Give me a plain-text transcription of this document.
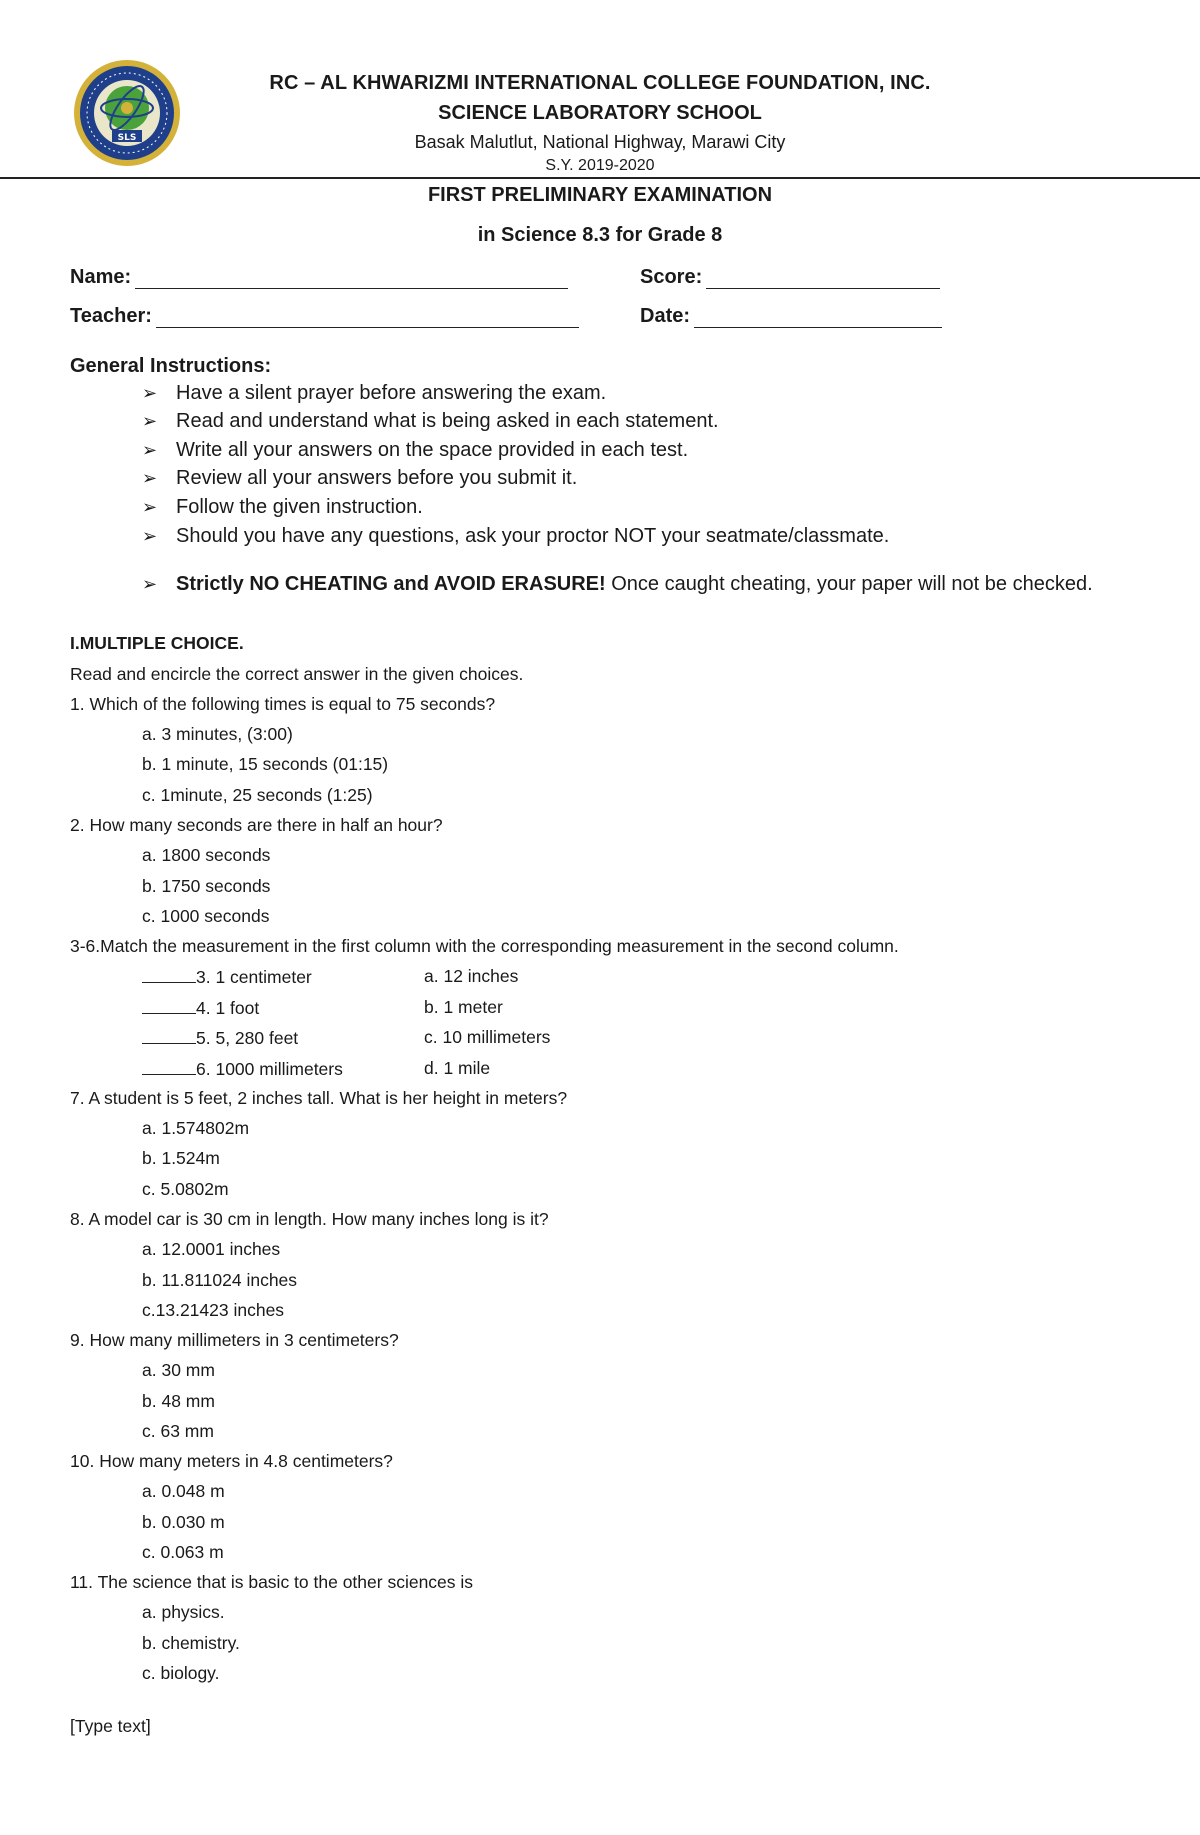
SLS
RC – AL KHWARIZMI INTERNATIONAL COLLEGE FOUNDATION, INC.
SCIENCE LABORATORY SCHOOL
Basak Malutlut, National Highway, Marawi City
S.Y. 2019-2020
FIRST PRELIMINARY EXAMINATION
in Science 8.3 for Grade 8
Name:	Score:
Teacher:	Date:
General Instructions:
➢ Have a silent prayer before answering the exam.
➢ Read and understand what is being asked in each statement.
➢ Write all your answers on the space provided in each test.
➢ Review all your answers before you submit it.
➢ Follow the given instruction.
➢ Should you have any questions, ask your proctor NOT your seatmate/classmate.
➢ Strictly NO CHEATING and AVOID ERASURE! Once caught cheating, your paper will not be checked.
I.MULTIPLE CHOICE.
Read and encircle the correct answer in the given choices.
1. Which of the following times is equal to 75 seconds?
a. 3 minutes, (3:00)
b. 1 minute, 15 seconds (01:15)
c. 1minute, 25 seconds (1:25)
2. How many seconds are there in half an hour?
a. 1800 seconds
b. 1750 seconds
c. 1000 seconds
3-6.Match the measurement in the first column with the corresponding measurement in the second column.
3. 1 centimeter	a. 12 inches
4. 1 foot	b. 1 meter
5. 5, 280 feet	c. 10 millimeters
6. 1000 millimeters	d. 1 mile
7. A student is 5 feet, 2 inches tall. What is her height in meters?
a. 1.574802m
b. 1.524m
c. 5.0802m
8. A model car is 30 cm in length. How many inches long is it?
a. 12.0001 inches
b. 11.811024 inches
c.13.21423 inches
9. How many millimeters in 3 centimeters?
a. 30 mm
b. 48 mm
c. 63 mm
10. How many meters in 4.8 centimeters?
a. 0.048 m
b. 0.030 m
c. 0.063 m
11. The science that is basic to the other sciences is
a. physics.
b. chemistry.
c. biology.
[Type text]
